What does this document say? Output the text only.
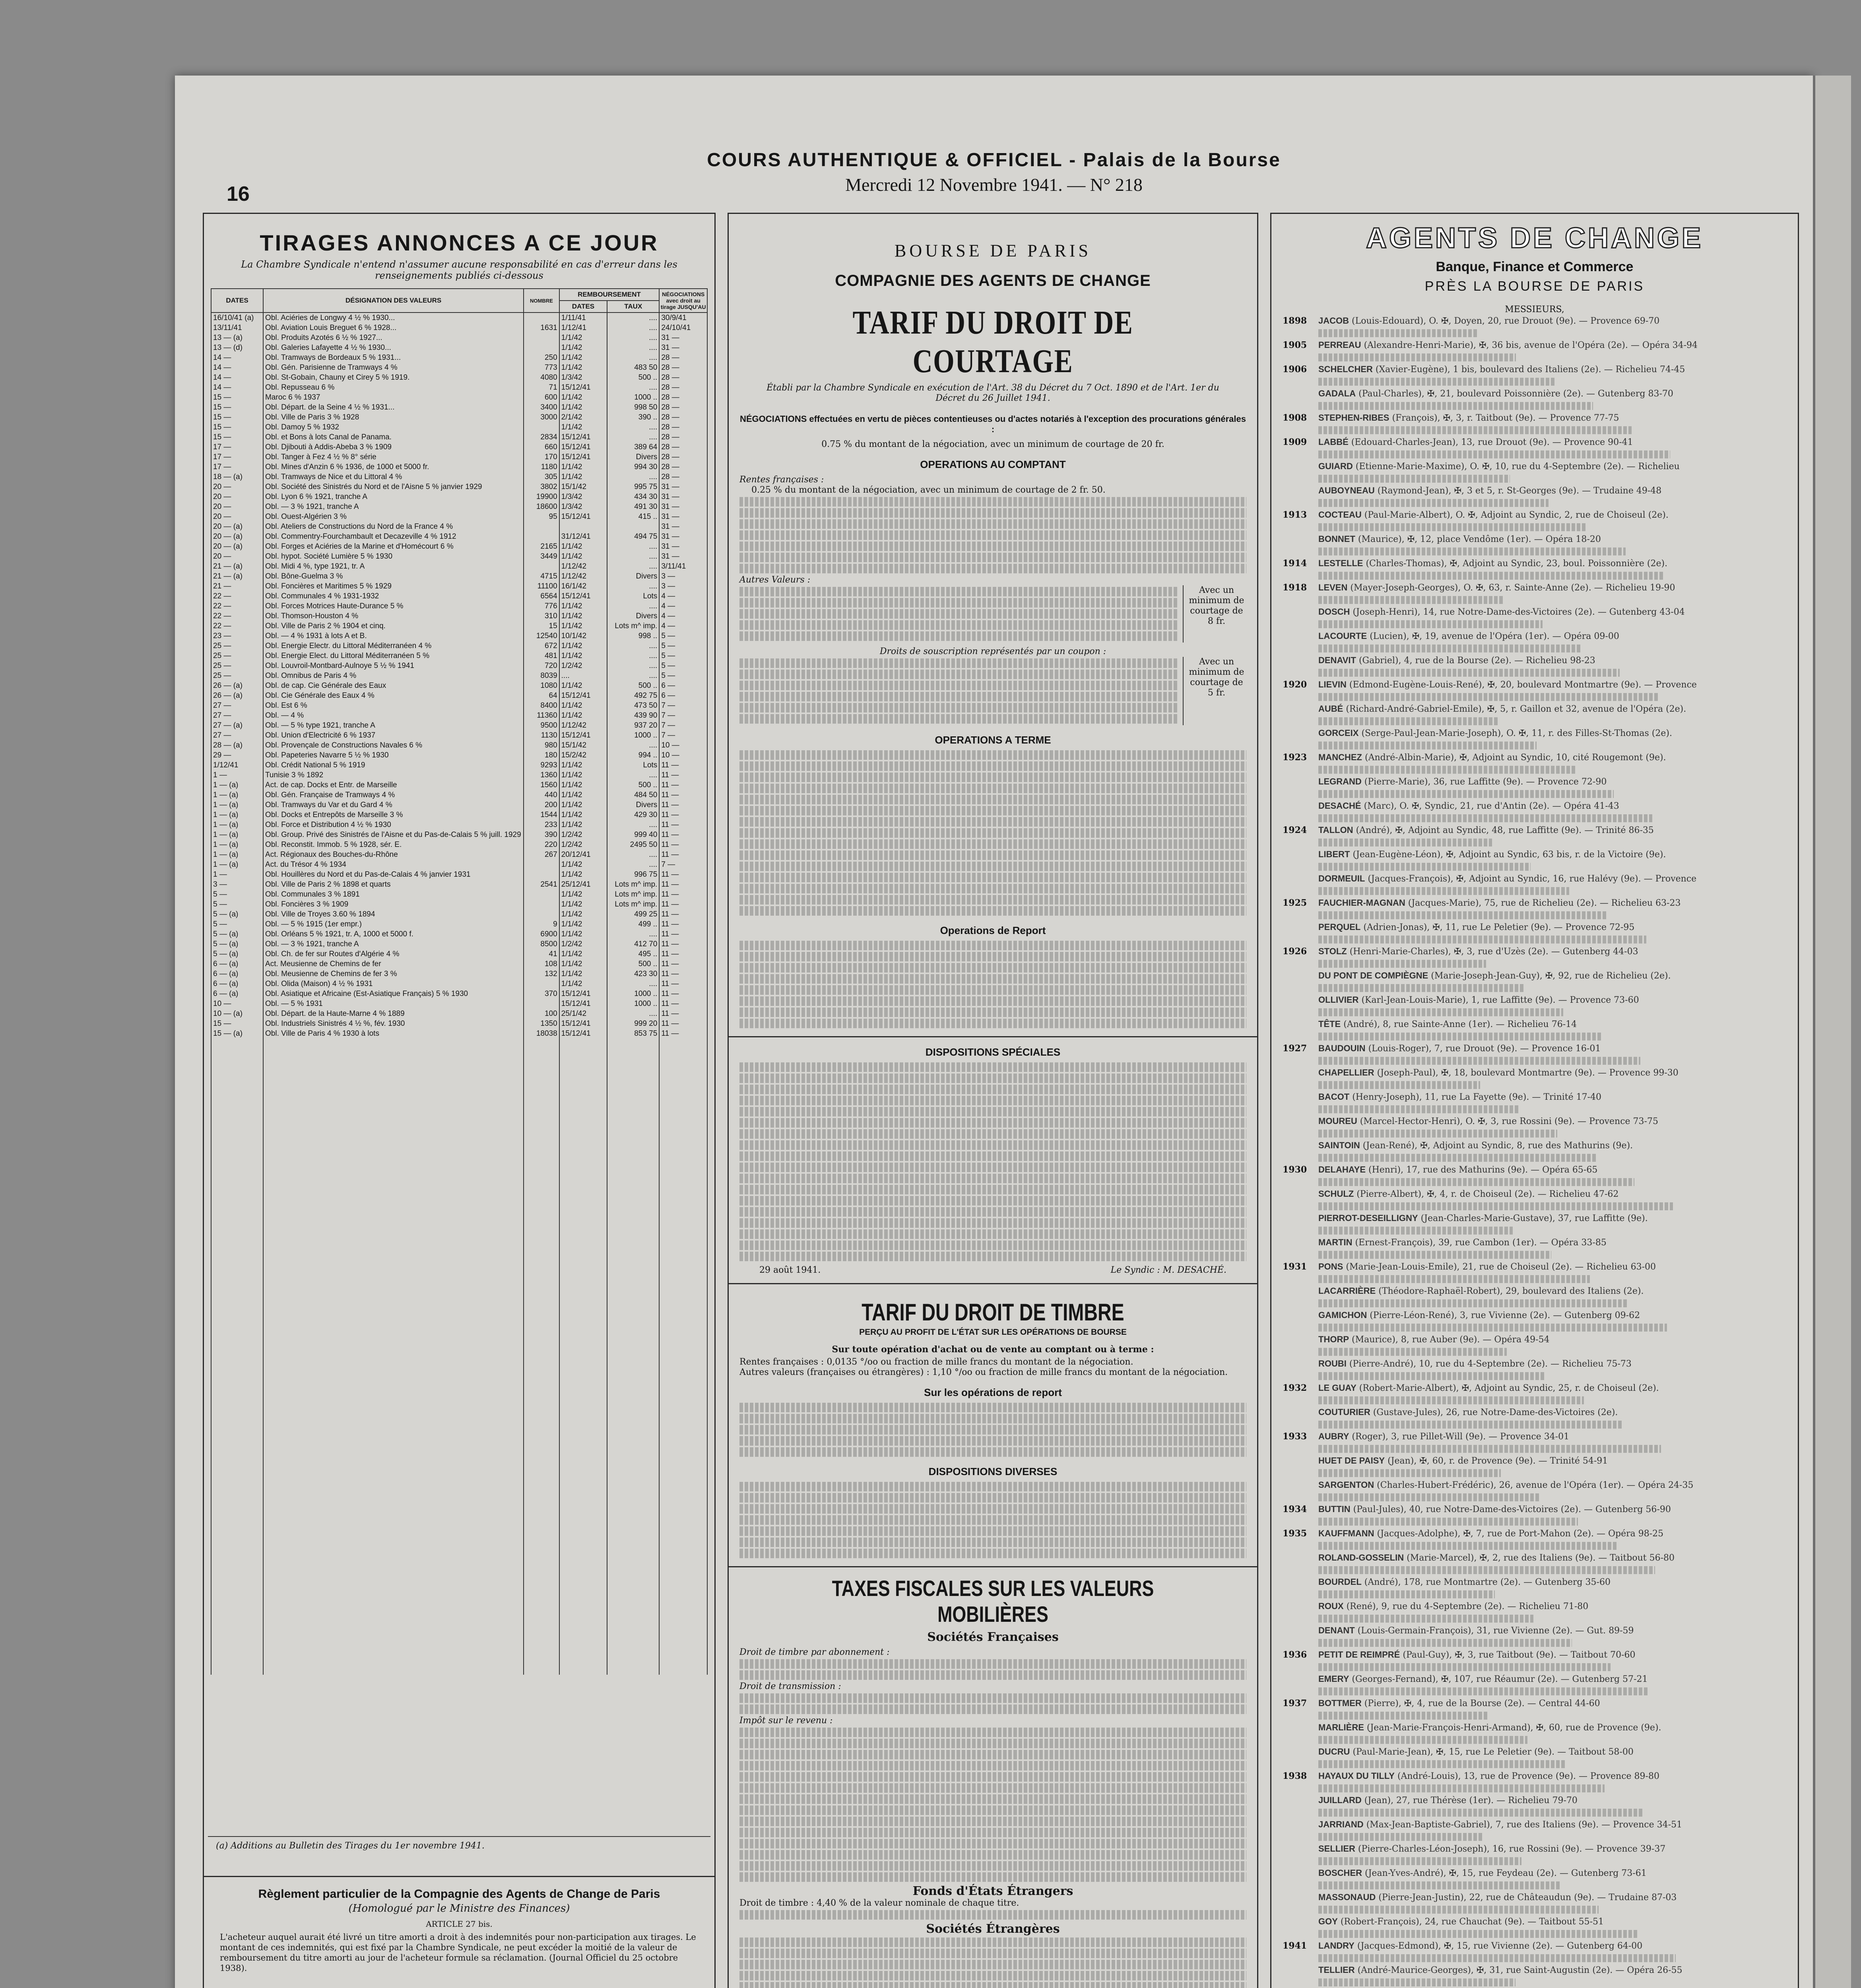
16
COURS AUTHENTIQUE & OFFICIEL - Palais de la Bourse
Mercredi 12 Novembre 1941. — N° 218
TIRAGES ANNONCES A CE JOUR
La Chambre Syndicale n'entend n'assumer aucune responsabilité en cas d'erreur dans les renseignements publiés ci-dessous
DATES	DÉSIGNATION DES VALEURS	NOMBRE	REMBOURSEMENT		NÉGOCIATIONS avec droit au tirage JUSQU'AU
			DATES	TAUX	
16/10/41 (a)	Obl. Aciéries de Longwy 4 ½ % 1930...		1/11/41	....	30/9/41
13/11/41	Obl. Aviation Louis Breguet 6 % 1928...	1631	1/12/41	....	24/10/41
13 — (a)	Obl. Produits Azotés 6 ½ % 1927...		1/1/42	....	31 —
13 — (d)	Obl. Galeries Lafayette 4 ½ % 1930...		1/1/42	....	31 —
14 —	Obl. Tramways de Bordeaux 5 % 1931...	250	1/1/42	....	28 —
14 —	Obl. Gén. Parisienne de Tramways 4 %	773	1/1/42	483 50	28 —
14 —	Obl. St-Gobain, Chauny et Cirey 5 % 1919.	4080	1/3/42	500 ..	28 —
14 —	Obl. Repusseau 6 %	71	15/12/41	....	28 —
15 —	Maroc 6 % 1937	600	1/1/42	1000 ..	28 —
15 —	Obl. Départ. de la Seine 4 ½ % 1931...	3400	1/1/42	998 50	28 —
15 —	Obl. Ville de Paris 3 % 1928	3000	2/1/42	390 ..	28 —
15 —	Obl. Damoy 5 % 1932		1/1/42	....	28 —
15 —	Obl. et Bons à lots Canal de Panama.	2834	15/12/41	....	28 —
17 —	Obl. Djibouti à Addis-Abeba 3 % 1909	660	15/12/41	389 64	28 —
17 —	Obl. Tanger à Fez 4 ½ % 8° série	170	15/12/41	Divers	28 —
17 —	Obl. Mines d'Anzin 6 % 1936, de 1000 et 5000 fr.	1180	1/1/42	994 30	28 —
18 — (a)	Obl. Tramways de Nice et du Littoral 4 %	305	1/1/42	....	28 —
20 —	Obl. Société des Sinistrés du Nord et de l'Aisne 5 % janvier 1929	3802	15/1/42	995 75	31 —
20 —	Obl. Lyon 6 % 1921, tranche A	19900	1/3/42	434 30	31 —
20 —	Obl. — 3 % 1921, tranche A	18600	1/3/42	491 30	31 —
20 —	Obl. Ouest-Algérien 3 %	95	15/12/41	415 ..	31 —
20 — (a)	Obl. Ateliers de Constructions du Nord de la France 4 %				31 —
20 — (a)	Obl. Commentry-Fourchambault et Decazeville 4 % 1912		31/12/41	494 75	31 —
20 — (a)	Obl. Forges et Aciéries de la Marine et d'Homécourt 6 %	2165	1/1/42	....	31 —
20 —	Obl. hypot. Société Lumière 5 % 1930	3449	1/1/42	....	31 —
21 — (a)	Obl. Midi 4 %, type 1921, tr. A		1/12/42	....	3/11/41
21 — (a)	Obl. Bône-Guelma 3 %	4715	1/12/42	Divers	3 —
21 —	Obl. Foncières et Maritimes 5 % 1929	11100	16/1/42	....	3 —
22 —	Obl. Communales 4 % 1931-1932	6564	15/12/41	Lots	4 —
22 —	Obl. Forces Motrices Haute-Durance 5 %	776	1/1/42	....	4 —
22 —	Obl. Thomson-Houston 4 %	310	1/1/42	Divers	4 —
22 —	Obl. Ville de Paris 2 % 1904 et cinq.	15	1/1/42	Lots m^ imp.	4 —
23 —	Obl. — 4 % 1931 à lots A et B.	12540	10/1/42	998 ..	5 —
25 —	Obl. Energie Electr. du Littoral Méditerranéen 4 %	672	1/1/42	....	5 —
25 —	Obl. Energie Elect. du Littoral Méditerranéen 5 %	481	1/1/42	....	5 —
25 —	Obl. Louvroil-Montbard-Aulnoye 5 ½ % 1941	720	1/2/42	....	5 —
25 —	Obl. Omnibus de Paris 4 %	8039	....	....	5 —
26 — (a)	Obl. de cap. Cie Générale des Eaux	1080	1/1/42	500 ..	6 —
26 — (a)	Obl. Cie Générale des Eaux 4 %	64	15/12/41	492 75	6 —
27 —	Obl. Est 6 %	8400	1/1/42	473 50	7 —
27 —	Obl. — 4 %	11360	1/1/42	439 90	7 —
27 — (a)	Obl. — 5 % type 1921, tranche A	9500	1/12/42	937 20	7 —
27 —	Obl. Union d'Electricité 6 % 1937	1130	15/12/41	1000 ..	7 —
28 — (a)	Obl. Provençale de Constructions Navales 6 %	980	15/1/42	....	10 —
29 —	Obl. Papeteries Navarre 5 ½ % 1930	180	15/2/42	994 ..	10 —
1/12/41	Obl. Crédit National 5 % 1919	9293	1/1/42	Lots	11 —
1 —	Tunisie 3 % 1892	1360	1/1/42	....	11 —
1 — (a)	Act. de cap. Docks et Entr. de Marseille	1560	1/1/42	500 ..	11 —
1 — (a)	Obl. Gén. Française de Tramways 4 %	440	1/1/42	484 50	11 —
1 — (a)	Obl. Tramways du Var et du Gard 4 %	200	1/1/42	Divers	11 —
1 — (a)	Obl. Docks et Entrepôts de Marseille 3 %	1544	1/1/42	429 30	11 —
1 — (a)	Obl. Force et Distribution 4 ½ % 1930	233	1/1/42	....	11 —
1 — (a)	Obl. Group. Privé des Sinistrés de l'Aisne et du Pas-de-Calais 5 % juill. 1929	390	1/2/42	999 40	11 —
1 — (a)	Obl. Reconstit. Immob. 5 % 1928, sér. E.	220	1/2/42	2495 50	11 —
1 — (a)	Act. Régionaux des Bouches-du-Rhône	267	20/12/41	....	11 —
1 — (a)	Act. du Trésor 4 % 1934		1/1/42	....	7 —
1 —	Obl. Houillères du Nord et du Pas-de-Calais 4 % janvier 1931		1/1/42	996 75	11 —
3 —	Obl. Ville de Paris 2 % 1898 et quarts	2541	25/12/41	Lots m^ imp.	11 —
5 —	Obl. Communales 3 % 1891		1/1/42	Lots m^ imp.	11 —
5 —	Obl. Foncières 3 % 1909		1/1/42	Lots m^ imp.	11 —
5 — (a)	Obl. Ville de Troyes 3.60 % 1894		1/1/42	499 25	11 —
5 —	Obl. — 5 % 1915 (1er empr.)	9	1/1/42	499 ..	11 —
5 — (a)	Obl. Orléans 5 % 1921, tr. A, 1000 et 5000 f.	6900	1/1/42	....	11 —
5 — (a)	Obl. — 3 % 1921, tranche A	8500	1/2/42	412 70	11 —
5 — (a)	Obl. Ch. de fer sur Routes d'Algérie 4 %	41	1/1/42	495 ..	11 —
6 — (a)	Act. Meusienne de Chemins de fer	108	1/1/42	500 ..	11 —
6 — (a)	Obl. Meusienne de Chemins de fer 3 %	132	1/1/42	423 30	11 —
6 — (a)	Obl. Olida (Maison) 4 ½ % 1931		1/1/42	....	11 —
6 — (a)	Obl. Asiatique et Africaine (Est-Asiatique Français) 5 % 1930	370	15/12/41	1000 ..	11 —
10 —	Obl. — 5 % 1931		15/12/41	1000 ..	11 —
10 — (a)	Obl. Départ. de la Haute-Marne 4 % 1889	100	25/1/42	....	11 —
15 —	Obl. Industriels Sinistrés 4 ½ %, fév. 1930	1350	15/12/41	999 20	11 —
15 — (a)	Obl. Ville de Paris 4 % 1930 à lots	18038	15/12/41	853 75	11 —

(a) Additions au Bulletin des Tirages du 1er novembre 1941.
Règlement particulier de la Compagnie des Agents de Change de Paris
(Homologué par le Ministre des Finances)
ARTICLE 27 bis.
L'acheteur auquel aurait été livré un titre amorti a droit à des indemnités pour non-participation aux tirages. Le montant de ces indemnités, qui est fixé par la Chambre Syndicale, ne peut excéder la moitié de la valeur de remboursement du titre amorti au jour de l'acheteur formule sa réclamation. (Journal Officiel du 25 octobre 1938).
BOURSE DE PARIS
COMPAGNIE DES AGENTS DE CHANGE
TARIF DU DROIT DE COURTAGE
Établi par la Chambre Syndicale en exécution de l'Art. 38 du Décret du 7 Oct. 1890 et de l'Art. 1er du Décret du 26 Juillet 1941.
NÉGOCIATIONS effectuées en vertu de pièces contentieuses ou d'actes notariés à l'exception des procurations générales :
0.75 % du montant de la négociation, avec un minimum de courtage de 20 fr.
OPERATIONS AU COMPTANT
Rentes françaises :
0.25 % du montant de la négociation, avec un minimum de courtage de 2 fr. 50.
Autres Valeurs :
Avec un minimum de courtage de 8 fr.
Droits de souscription représentés par un coupon :
Avec un minimum de courtage de 5 fr.
OPERATIONS A TERME
Operations de Report
DISPOSITIONS SPÉCIALES
29 août 1941.	Le Syndic : M. DESACHÉ.
TARIF DU DROIT DE TIMBRE
PERÇU AU PROFIT DE L'ÉTAT SUR LES OPÉRATIONS DE BOURSE
Sur toute opération d'achat ou de vente au comptant ou à terme :
Rentes françaises : 0,0135 °/oo ou fraction de mille francs du montant de la négociation.
Autres valeurs (françaises ou étrangères) : 1,10 °/oo ou fraction de mille francs du montant de la négociation.
Sur les opérations de report
DISPOSITIONS DIVERSES
TAXES FISCALES SUR LES VALEURS MOBILIÈRES
Sociétés Françaises
Droit de timbre par abonnement :
Droit de transmission :
Impôt sur le revenu :
Fonds d'États Étrangers
Droit de timbre : 4,40 % de la valeur nominale de chaque titre.
Sociétés Étrangères
AGENTS DE CHANGE
Banque, Finance et Commerce
PRÈS LA BOURSE DE PARIS
MESSIEURS,
1898	JACOB (Louis-Edouard), O. ✠, Doyen, 20, rue Drouot (9e). — Provence 69-70
1905	PERREAU (Alexandre-Henri-Marie), ✠, 36 bis, avenue de l'Opéra (2e). — Opéra 34-94
1906	SCHELCHER (Xavier-Eugène), 1 bis, boulevard des Italiens (2e). — Richelieu 74-45
GADALA (Paul-Charles), ✠, 21, boulevard Poissonnière (2e). — Gutenberg 83-70
1908	STEPHEN-RIBES (François), ✠, 3, r. Taitbout (9e). — Provence 77-75
1909	LABBÉ (Edouard-Charles-Jean), 13, rue Drouot (9e). — Provence 90-41
GUIARD (Etienne-Marie-Maxime), O. ✠, 10, rue du 4-Septembre (2e). — Richelieu
AUBOYNEAU (Raymond-Jean), ✠, 3 et 5, r. St-Georges (9e). — Trudaine 49-48
1913	COCTEAU (Paul-Marie-Albert), O. ✠, Adjoint au Syndic, 2, rue de Choiseul (2e).
BONNET (Maurice), ✠, 12, place Vendôme (1er). — Opéra 18-20
1914	LESTELLE (Charles-Thomas), ✠, Adjoint au Syndic, 23, boul. Poissonnière (2e).
1918	LEVEN (Mayer-Joseph-Georges), O. ✠, 63, r. Sainte-Anne (2e). — Richelieu 19-90
DOSCH (Joseph-Henri), 14, rue Notre-Dame-des-Victoires (2e). — Gutenberg 43-04
LACOURTE (Lucien), ✠, 19, avenue de l'Opéra (1er). — Opéra 09-00
DENAVIT (Gabriel), 4, rue de la Bourse (2e). — Richelieu 98-23
1920	LIEVIN (Edmond-Eugène-Louis-René), ✠, 20, boulevard Montmartre (9e). — Provence
AUBÉ (Richard-André-Gabriel-Emile), ✠, 5, r. Gaillon et 32, avenue de l'Opéra (2e).
GORCEIX (Serge-Paul-Jean-Marie-Joseph), O. ✠, 11, r. des Filles-St-Thomas (2e).
1923	MANCHEZ (André-Albin-Marie), ✠, Adjoint au Syndic, 10, cité Rougemont (9e).
LEGRAND (Pierre-Marie), 36, rue Laffitte (9e). — Provence 72-90
DESACHÉ (Marc), O. ✠, Syndic, 21, rue d'Antin (2e). — Opéra 41-43
1924	TALLON (André), ✠, Adjoint au Syndic, 48, rue Laffitte (9e). — Trinité 86-35
LIBERT (Jean-Eugène-Léon), ✠, Adjoint au Syndic, 63 bis, r. de la Victoire (9e).
DORMEUIL (Jacques-François), ✠, Adjoint au Syndic, 16, rue Halévy (9e). — Provence
1925	FAUCHIER-MAGNAN (Jacques-Marie), 75, rue de Richelieu (2e). — Richelieu 63-23
PERQUEL (Adrien-Jonas), ✠, 11, rue Le Peletier (9e). — Provence 72-95
1926	STOLZ (Henri-Marie-Charles), ✠, 3, rue d'Uzès (2e). — Gutenberg 44-03
DU PONT DE COMPIÈGNE (Marie-Joseph-Jean-Guy), ✠, 92, rue de Richelieu (2e).
OLLIVIER (Karl-Jean-Louis-Marie), 1, rue Laffitte (9e). — Provence 73-60
TÊTE (André), 8, rue Sainte-Anne (1er). — Richelieu 76-14
1927	BAUDOUIN (Louis-Roger), 7, rue Drouot (9e). — Provence 16-01
CHAPELLIER (Joseph-Paul), ✠, 18, boulevard Montmartre (9e). — Provence 99-30
BACOT (Henry-Joseph), 11, rue La Fayette (9e). — Trinité 17-40
MOUREU (Marcel-Hector-Henri), O. ✠, 3, rue Rossini (9e). — Provence 73-75
SAINTOIN (Jean-René), ✠, Adjoint au Syndic, 8, rue des Mathurins (9e).
1930	DELAHAYE (Henri), 17, rue des Mathurins (9e). — Opéra 65-65
SCHULZ (Pierre-Albert), ✠, 4, r. de Choiseul (2e). — Richelieu 47-62
PIERROT-DESEILLIGNY (Jean-Charles-Marie-Gustave), 37, rue Laffitte (9e).
MARTIN (Ernest-François), 39, rue Cambon (1er). — Opéra 33-85
1931	PONS (Marie-Jean-Louis-Emile), 21, rue de Choiseul (2e). — Richelieu 63-00
LACARRIÈRE (Théodore-Raphaël-Robert), 29, boulevard des Italiens (2e).
GAMICHON (Pierre-Léon-René), 3, rue Vivienne (2e). — Gutenberg 09-62
THORP (Maurice), 8, rue Auber (9e). — Opéra 49-54
ROUBI (Pierre-André), 10, rue du 4-Septembre (2e). — Richelieu 75-73
1932	LE GUAY (Robert-Marie-Albert), ✠, Adjoint au Syndic, 25, r. de Choiseul (2e).
COUTURIER (Gustave-Jules), 26, rue Notre-Dame-des-Victoires (2e).
1933	AUBRY (Roger), 3, rue Pillet-Will (9e). — Provence 34-01
HUET DE PAISY (Jean), ✠, 60, r. de Provence (9e). — Trinité 54-91
SARGENTON (Charles-Hubert-Frédéric), 26, avenue de l'Opéra (1er). — Opéra 24-35
1934	BUTTIN (Paul-Jules), 40, rue Notre-Dame-des-Victoires (2e). — Gutenberg 56-90
1935	KAUFFMANN (Jacques-Adolphe), ✠, 7, rue de Port-Mahon (2e). — Opéra 98-25
ROLAND-GOSSELIN (Marie-Marcel), ✠, 2, rue des Italiens (9e). — Taitbout 56-80
BOURDEL (André), 178, rue Montmartre (2e). — Gutenberg 35-60
ROUX (René), 9, rue du 4-Septembre (2e). — Richelieu 71-80
DENANT (Louis-Germain-François), 31, rue Vivienne (2e). — Gut. 89-59
1936	PETIT DE REIMPRÉ (Paul-Guy), ✠, 3, rue Taitbout (9e). — Taitbout 70-60
EMERY (Georges-Fernand), ✠, 107, rue Réaumur (2e). — Gutenberg 57-21
1937	BOTTMER (Pierre), ✠, 4, rue de la Bourse (2e). — Central 44-60
MARLIÈRE (Jean-Marie-François-Henri-Armand), ✠, 60, rue de Provence (9e).
DUCRU (Paul-Marie-Jean), ✠, 15, rue Le Peletier (9e). — Taitbout 58-00
1938	HAYAUX DU TILLY (André-Louis), 13, rue de Provence (9e). — Provence 89-80
JUILLARD (Jean), 27, rue Thérèse (1er). — Richelieu 79-70
JARRIAND (Max-Jean-Baptiste-Gabriel), 7, rue des Italiens (9e). — Provence 34-51
SELLIER (Pierre-Charles-Léon-Joseph), 16, rue Rossini (9e). — Provence 39-37
BOSCHER (Jean-Yves-André), ✠, 15, rue Feydeau (2e). — Gutenberg 73-61
MASSONAUD (Pierre-Jean-Justin), 22, rue de Châteaudun (9e). — Trudaine 87-03
GOY (Robert-François), 24, rue Chauchat (9e). — Taitbout 55-51
1941	LANDRY (Jacques-Edmond), ✠, 15, rue Vivienne (2e). — Gutenberg 64-00
TELLIER (André-Maurice-Georges), ✠, 31, rue Saint-Augustin (2e). — Opéra 26-55
